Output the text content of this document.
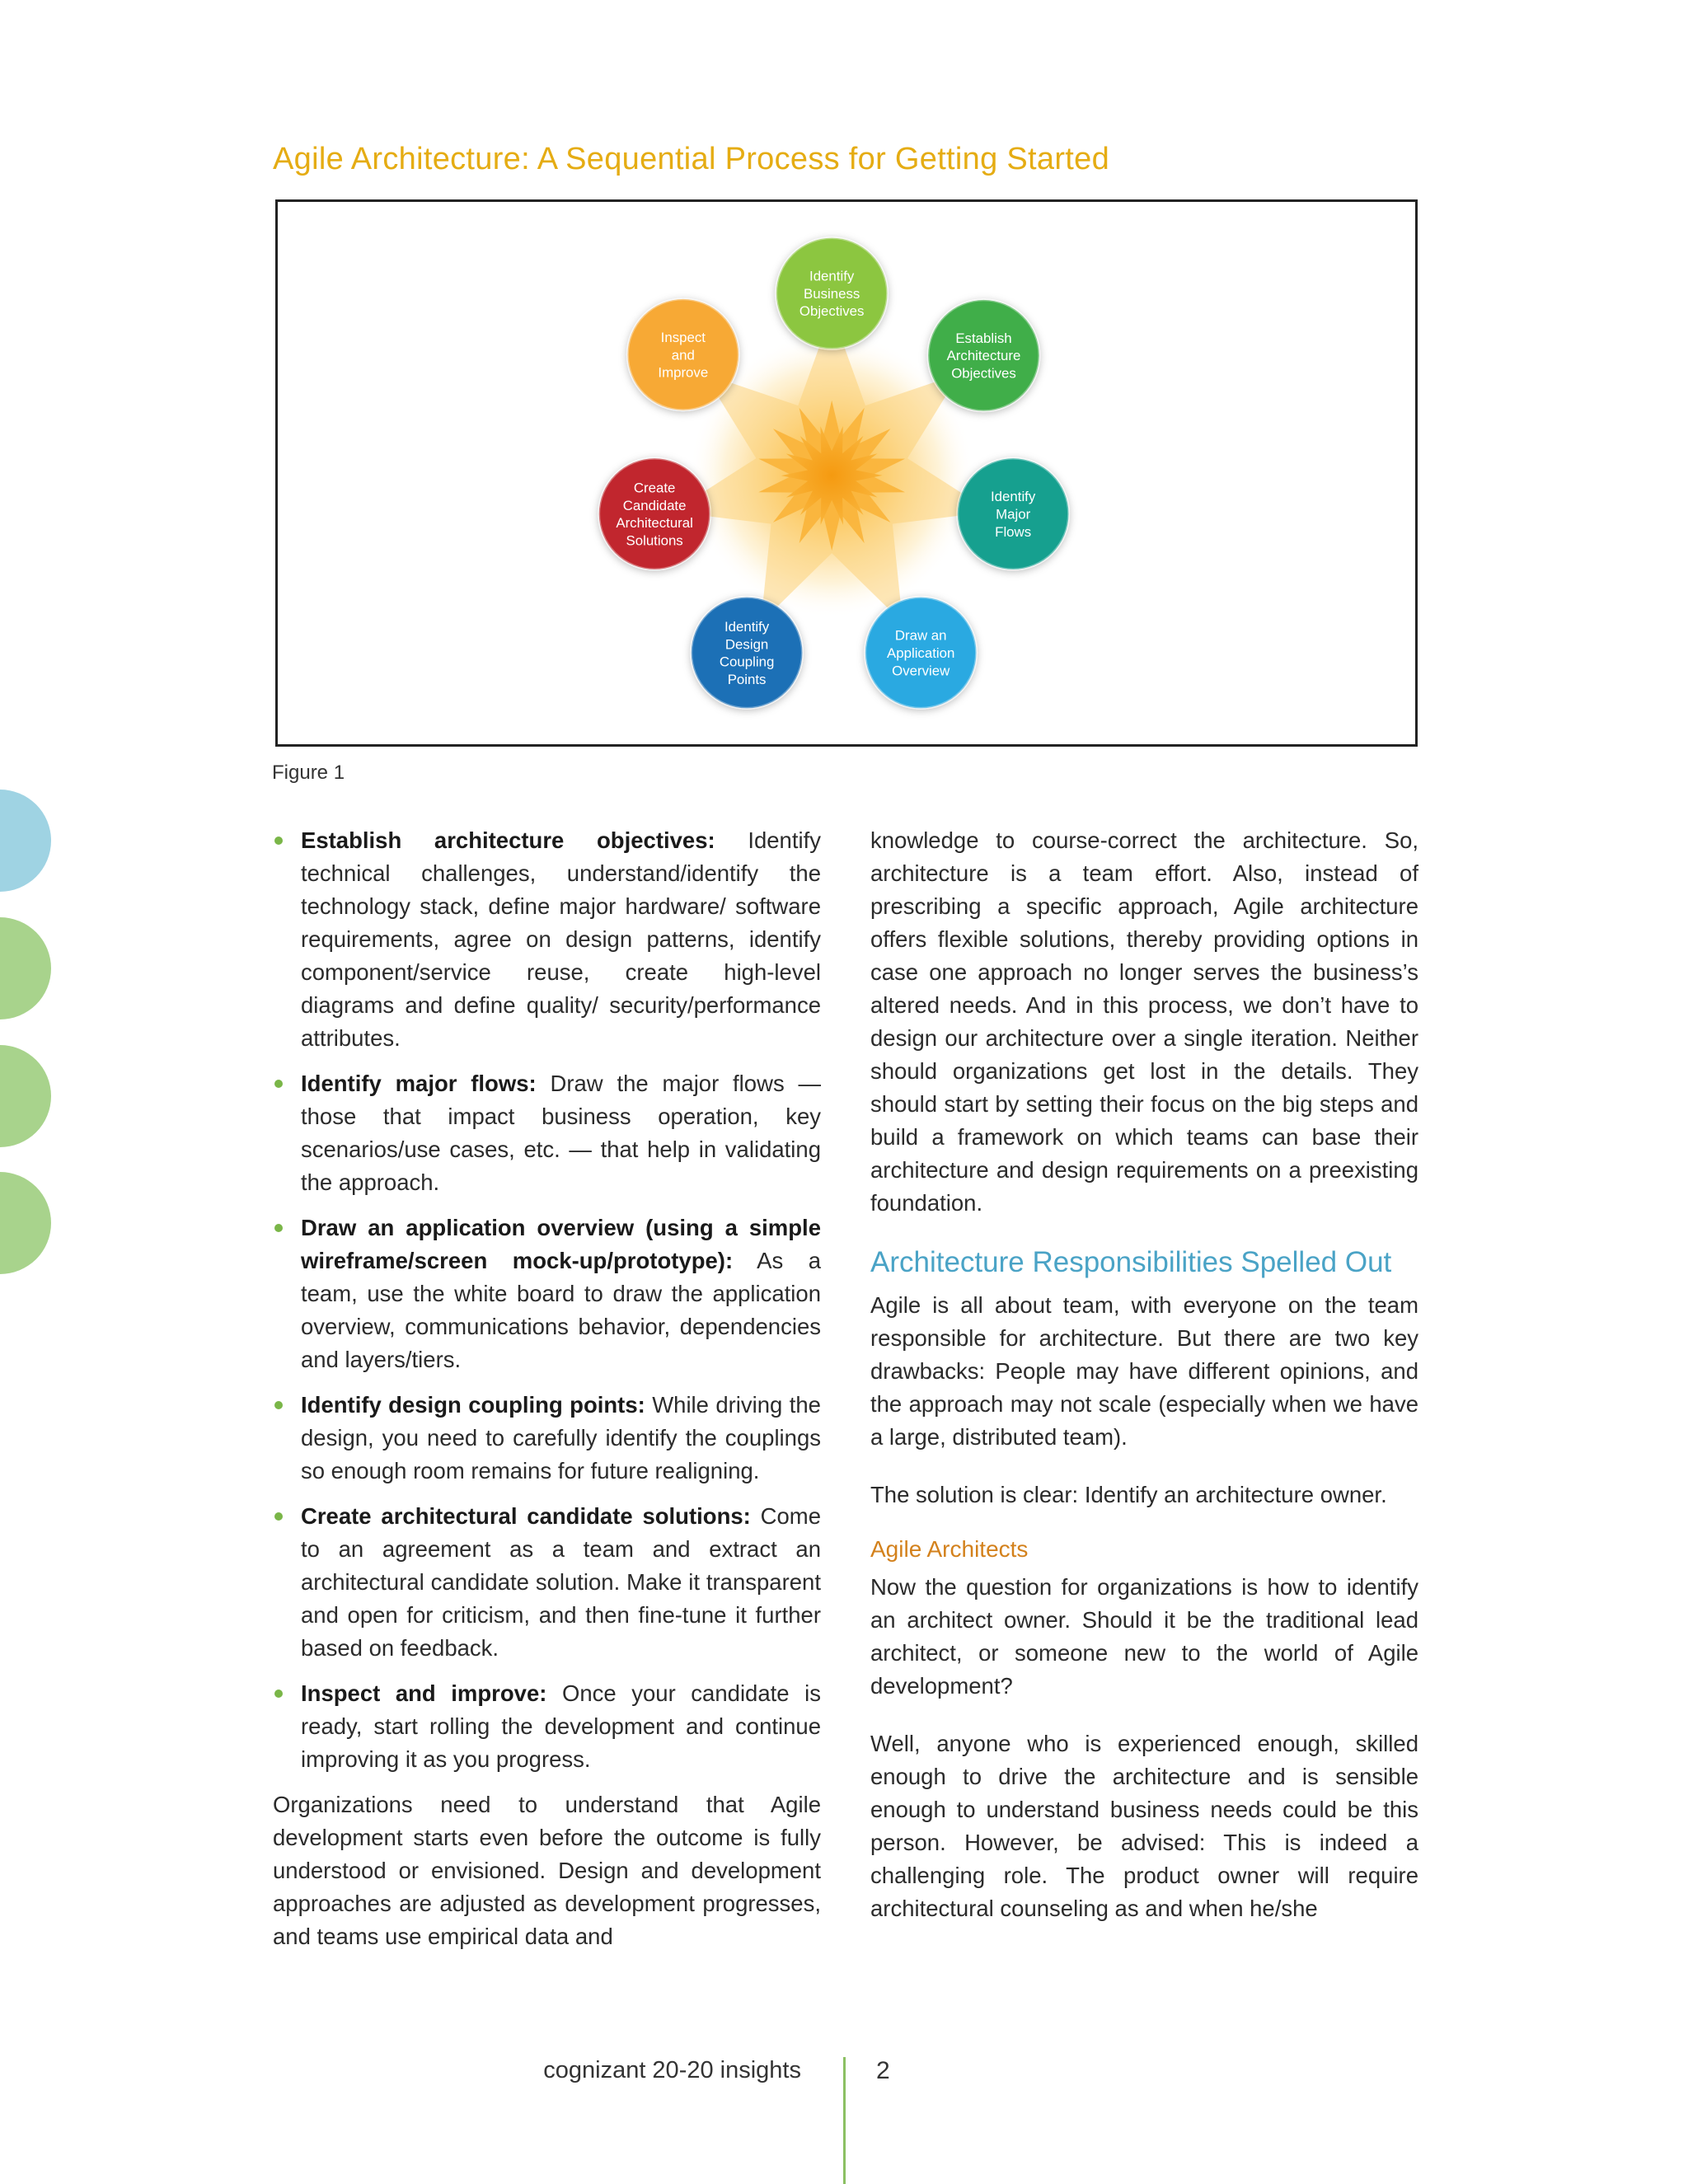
Agile Architecture: A Sequential Process for Getting Started
Identify
Business
Objectives
Establish
Architecture
Objectives
Identify
Major
Flows
Draw an
Application
Overview
Identify
Design
Coupling
Points
Create
Candidate
Architectural
Solutions
Inspect
and
Improve
Figure 1
Establish architecture objectives: Identify technical challenges, understand/identify the technology stack, define major hardware/ software requirements, agree on design patterns, identify component/service reuse, create high-level diagrams and define quality/ security/performance attributes.
Identify major flows: Draw the major flows — those that impact business operation, key scenarios/use cases, etc. — that help in validating the approach.
Draw an application overview (using a simple wireframe/screen mock-up/prototype): As a team, use the white board to draw the application overview, communications behavior, dependencies and layers/tiers.
Identify design coupling points: While driving the design, you need to carefully identify the couplings so enough room remains for future realigning.
Create architectural candidate solutions: Come to an agreement as a team and extract an architectural candidate solution. Make it transparent and open for criticism, and then fine-tune it further based on feedback.
Inspect and improve: Once your candidate is ready, start rolling the development and continue improving it as you progress.

Organizations need to understand that Agile development starts even before the outcome is fully understood or envisioned. Design and development approaches are adjusted as development progresses, and teams use empirical data and

knowledge to course-correct the architecture. So, architecture is a team effort. Also, instead of prescribing a specific approach, Agile architecture offers flexible solutions, thereby providing options in case one approach no longer serves the business’s altered needs. And in this process, we don’t have to design our architecture over a single iteration. Neither should organizations get lost in the details. They should start by setting their focus on the big steps and build a framework on which teams can base their architecture and design requirements on a preexisting foundation.

Architecture Responsibilities Spelled Out

Agile is all about team, with everyone on the team responsible for architecture. But there are two key drawbacks: People may have different opinions, and the approach may not scale (especially when we have a large, distributed team).

The solution is clear: Identify an architecture owner.

Agile Architects

Now the question for organizations is how to identify an architect owner. Should it be the traditional lead architect, or someone new to the world of Agile development?

Well, anyone who is experienced enough, skilled enough to drive the architecture and is sensible enough to understand business needs could be this person. However, be advised: This is indeed a challenging role. The product owner will require architectural counseling as and when he/she

cognizant 20-20 insights	2
